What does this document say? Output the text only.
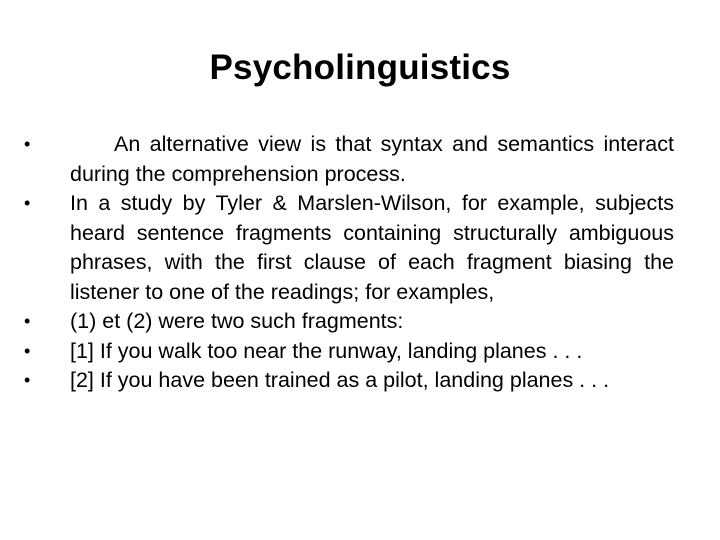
Psycholinguistics
•	An alternative view is that syntax and semantics interact during the comprehension process.
•	In a study by Tyler & Marslen-Wilson, for example, subjects heard sentence fragments containing structurally ambiguous phrases, with the first clause of each fragment biasing the listener to one of the readings; for examples,
•	(1) et (2) were two such fragments:
•	[1] If you walk too near the runway, landing planes . . .
•	[2] If you have been trained as a pilot, landing planes . . .
